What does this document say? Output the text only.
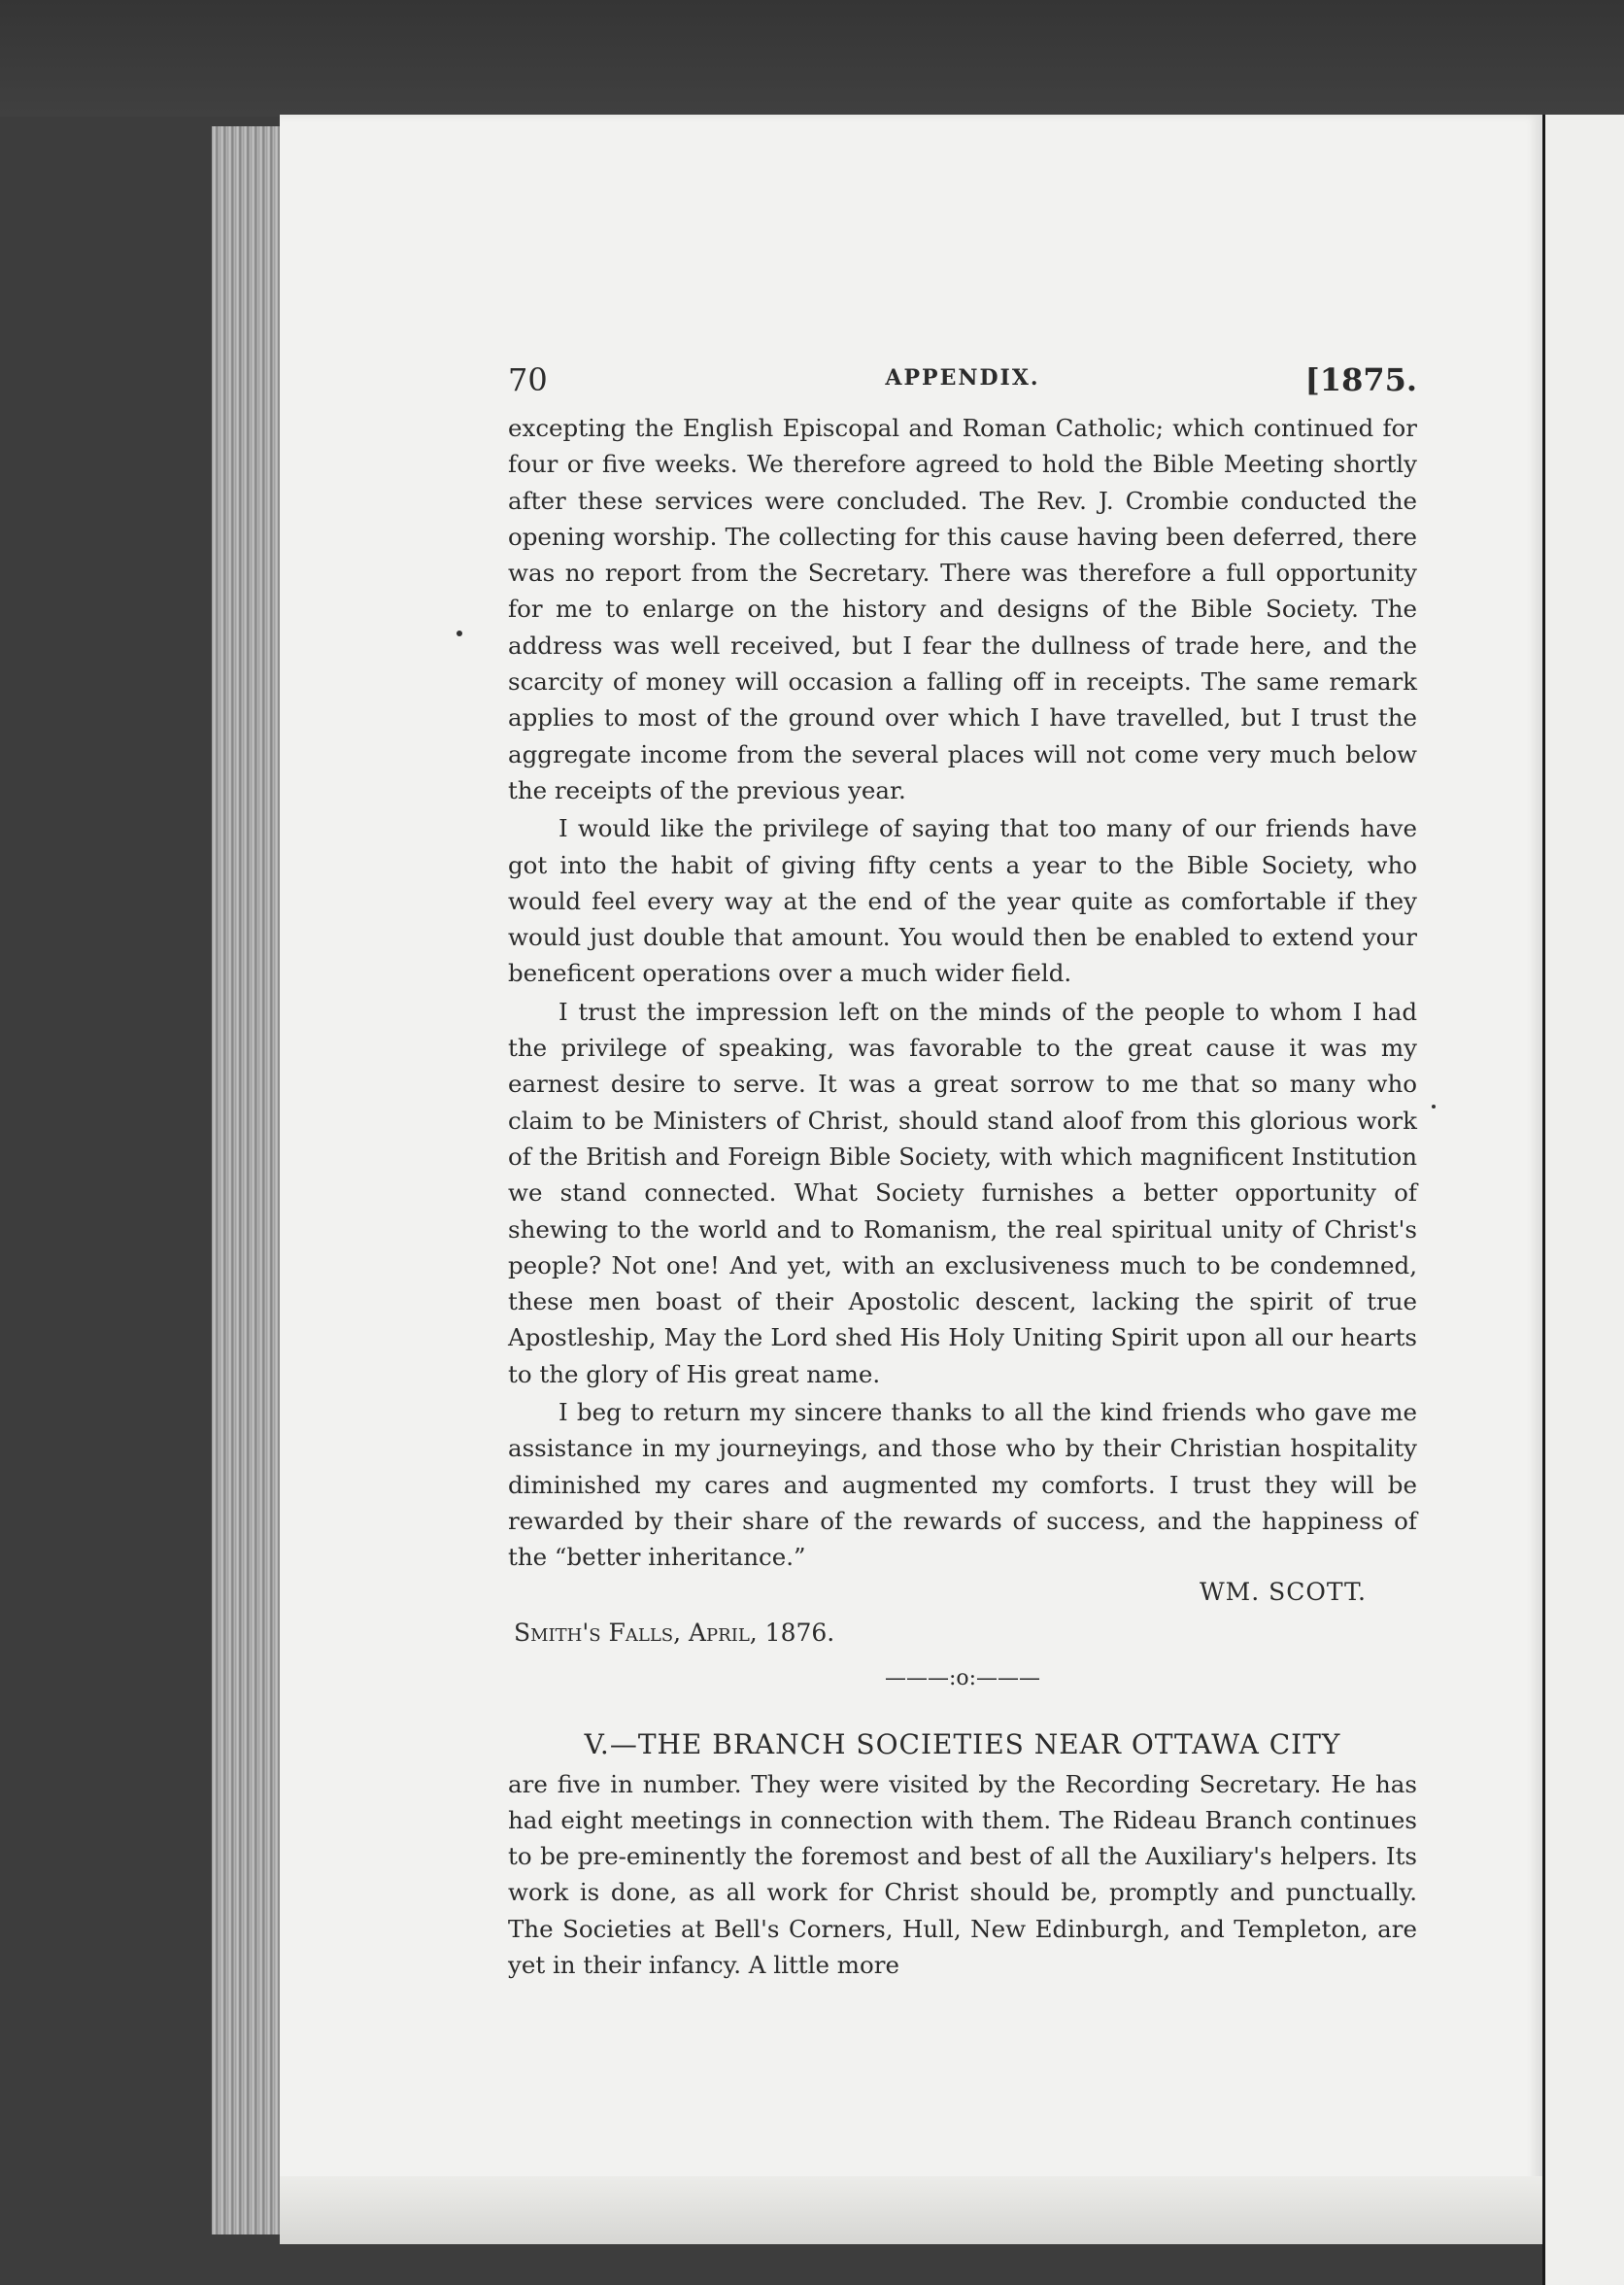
70	APPENDIX.	[1875.

excepting the English Episcopal and Roman Catholic; which continued for four or five weeks. We therefore agreed to hold the Bible Meeting shortly after these services were concluded. The Rev. J. Crombie conducted the opening worship. The collecting for this cause having been deferred, there was no report from the Secretary. There was therefore a full opportunity for me to enlarge on the history and designs of the Bible Society. The address was well received, but I fear the dullness of trade here, and the scarcity of money will occasion a falling off in receipts. The same remark applies to most of the ground over which I have travelled, but I trust the aggregate income from the several places will not come very much below the receipts of the previous year.

I would like the privilege of saying that too many of our friends have got into the habit of giving fifty cents a year to the Bible Society, who would feel every way at the end of the year quite as comfortable if they would just double that amount. You would then be enabled to extend your beneficent operations over a much wider field.

I trust the impression left on the minds of the people to whom I had the privilege of speaking, was favorable to the great cause it was my earnest desire to serve. It was a great sorrow to me that so many who claim to be Ministers of Christ, should stand aloof from this glorious work of the British and Foreign Bible Society, with which magnificent Institution we stand connected. What Society furnishes a better opportunity of shewing to the world and to Romanism, the real spiritual unity of Christ's people? Not one! And yet, with an exclusiveness much to be condemned, these men boast of their Apostolic descent, lacking the spirit of true Apostleship, May the Lord shed His Holy Uniting Spirit upon all our hearts to the glory of His great name.

I beg to return my sincere thanks to all the kind friends who gave me assistance in my journeyings, and those who by their Christian hospitality diminished my cares and augmented my comforts. I trust they will be rewarded by their share of the rewards of success, and the happiness of the “better inheritance.”

WM. SCOTT.
Smith's Falls, April, 1876.
———:o:———
V.—THE BRANCH SOCIETIES NEAR OTTAWA CITY

are five in number. They were visited by the Recording Secretary. He has had eight meetings in connection with them. The Rideau Branch continues to be pre-eminently the foremost and best of all the Auxiliary's helpers. Its work is done, as all work for Christ should be, promptly and punctually. The Societies at Bell's Corners, Hull, New Edinburgh, and Templeton, are yet in their infancy. A little more
